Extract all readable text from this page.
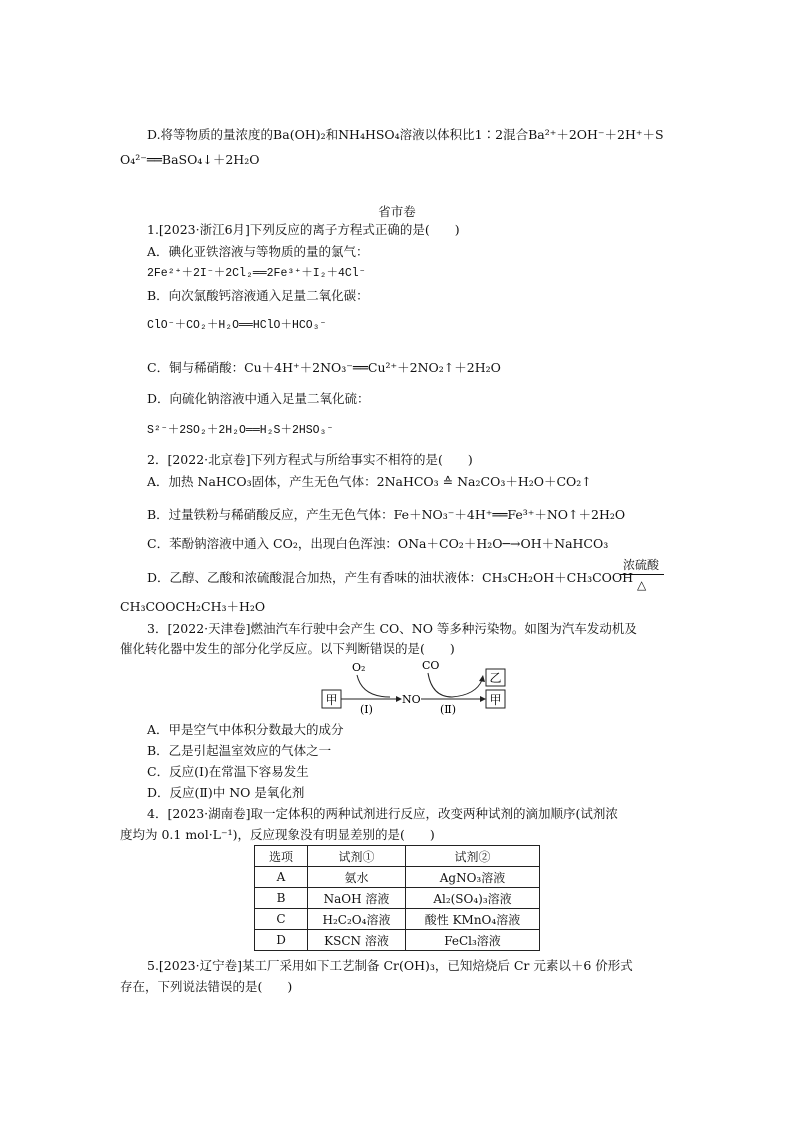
D.将等物质的量浓度的Ba(OH)₂和NH₄HSO₄溶液以体积比1∶2混合Ba²⁺＋2OH⁻＋2H⁺＋S
O₄²⁻══BaSO₄↓＋2H₂O
省市卷
1.[2023·浙江6月]下列反应的离子方程式正确的是(　　)
A．碘化亚铁溶液与等物质的量的氯气：
2Fe²⁺＋2I⁻＋2Cl₂══2Fe³⁺＋I₂＋4Cl⁻
B．向次氯酸钙溶液通入足量二氧化碳：
ClO⁻＋CO₂＋H₂O══HClO＋HCO₃⁻
C．铜与稀硝酸：Cu＋4H⁺＋2NO₃⁻══Cu²⁺＋2NO₂↑＋2H₂O
D．向硫化钠溶液中通入足量二氧化硫：
S²⁻＋2SO₂＋2H₂O══H₂S＋2HSO₃⁻
2．[2022·北京卷]下列方程式与所给事实不相符的是(　　)
A．加热 NaHCO₃固体，产生无色气体：2NaHCO₃ ≙ Na₂CO₃＋H₂O＋CO₂↑
B．过量铁粉与稀硝酸反应，产生无色气体：Fe＋NO₃⁻＋4H⁺══Fe³⁺＋NO↑＋2H₂O
C．苯酚钠溶液中通入 CO₂，出现白色浑浊：ONa＋CO₂＋H₂O─→OH＋NaHCO₃
D．乙醇、乙酸和浓硫酸混合加热，产生有香味的油状液体：CH₃CH₂OH＋CH₃COOH
浓硫酸
△
CH₃COOCH₂CH₃＋H₂O
3．[2022·天津卷]燃油汽车行驶中会产生 CO、NO 等多种污染物。如图为汽车发动机及
催化转化器中发生的部分化学反应。以下判断错误的是(　　)
甲
O₂
(Ⅰ)
NO
CO
(Ⅱ)
乙
甲
A．甲是空气中体积分数最大的成分
B．乙是引起温室效应的气体之一
C．反应(Ⅰ)在常温下容易发生
D．反应(Ⅱ)中 NO 是氧化剂
4．[2023·湖南卷]取一定体积的两种试剂进行反应，改变两种试剂的滴加顺序(试剂浓
度均为 0.1 mol·L⁻¹)，反应现象没有明显差别的是(　　)
选项	试剂①	试剂②
A	氨水	AgNO₃溶液
B	NaOH 溶液	Al₂(SO₄)₃溶液
C	H₂C₂O₄溶液	酸性 KMnO₄溶液
D	KSCN 溶液	FeCl₃溶液
5.[2023·辽宁卷]某工厂采用如下工艺制备 Cr(OH)₃，已知焙烧后 Cr 元素以＋6 价形式
存在，下列说法错误的是(　　)
